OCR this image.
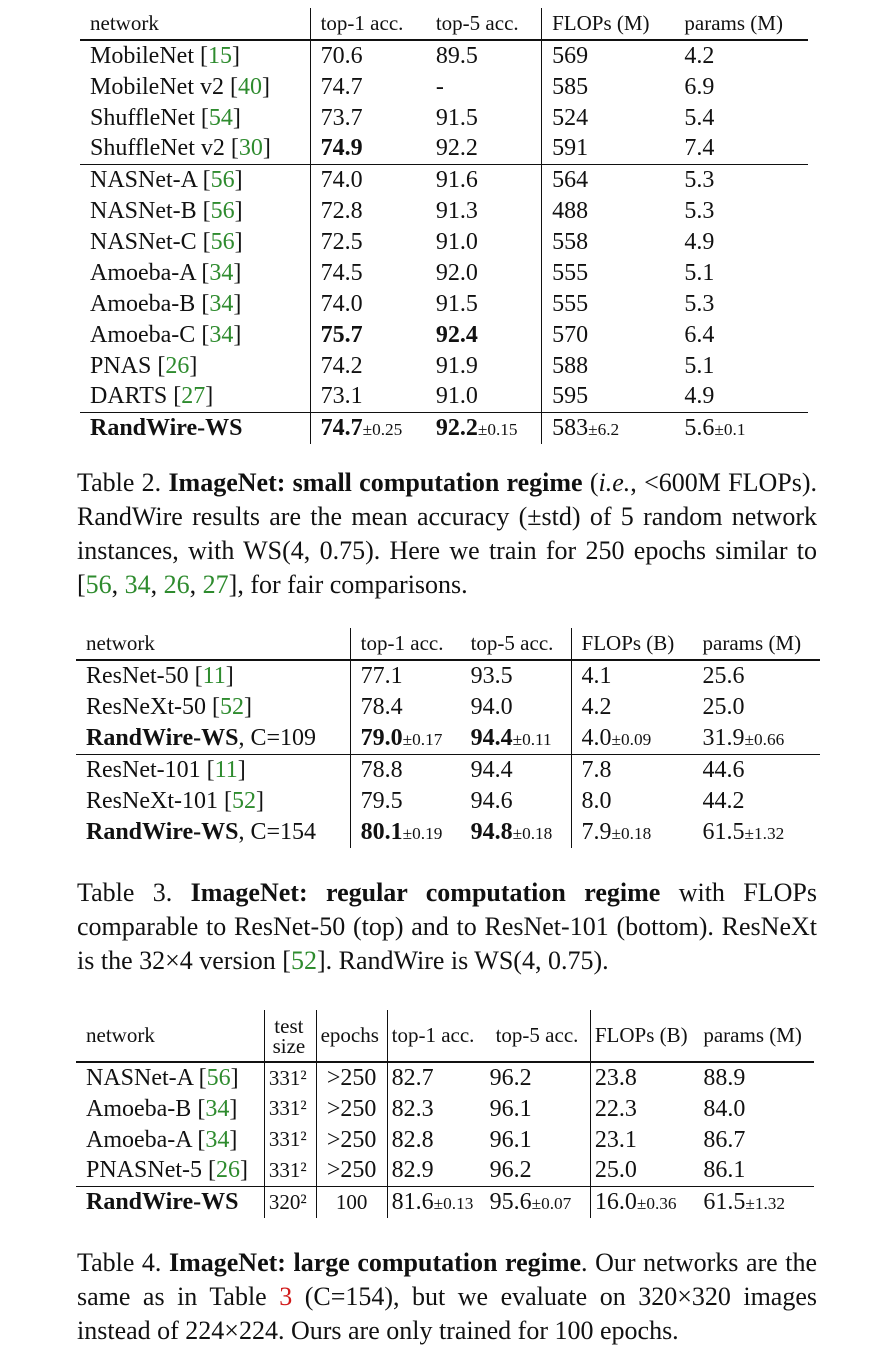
network	top-1 acc.	top-5 acc.	FLOPs (M)	params (M)
MobileNet [15]	70.6	89.5	569	4.2
MobileNet v2 [40]	74.7	-	585	6.9
ShuffleNet [54]	73.7	91.5	524	5.4
ShuffleNet v2 [30]	74.9	92.2	591	7.4
NASNet-A [56]	74.0	91.6	564	5.3
NASNet-B [56]	72.8	91.3	488	5.3
NASNet-C [56]	72.5	91.0	558	4.9
Amoeba-A [34]	74.5	92.0	555	5.1
Amoeba-B [34]	74.0	91.5	555	5.3
Amoeba-C [34]	75.7	92.4	570	6.4
PNAS [26]	74.2	91.9	588	5.1
DARTS [27]	73.1	91.0	595	4.9
RandWire-WS	74.7±0.25	92.2±0.15	583±6.2	5.6±0.1
Table 2. ImageNet: small computation regime (i.e., <600M FLOPs). RandWire results are the mean accuracy (±std) of 5 random network instances, with WS(4, 0.75). Here we train for 250 epochs similar to [56, 34, 26, 27], for fair comparisons.
network	top-1 acc.	top-5 acc.	FLOPs (B)	params (M)
ResNet-50 [11]	77.1	93.5	4.1	25.6
ResNeXt-50 [52]	78.4	94.0	4.2	25.0
RandWire-WS, C=109	79.0±0.17	94.4±0.11	4.0±0.09	31.9±0.66
ResNet-101 [11]	78.8	94.4	7.8	44.6
ResNeXt-101 [52]	79.5	94.6	8.0	44.2
RandWire-WS, C=154	80.1±0.19	94.8±0.18	7.9±0.18	61.5±1.32
Table 3. ImageNet: regular computation regime with FLOPs comparable to ResNet-50 (top) and to ResNet-101 (bottom). ResNeXt is the 32×4 version [52]. RandWire is WS(4, 0.75).
network	test size	epochs	top-1 acc.	top-5 acc.	FLOPs (B)	params (M)
NASNet-A [56]	331²	>250	82.7	96.2	23.8	88.9
Amoeba-B [34]	331²	>250	82.3	96.1	22.3	84.0
Amoeba-A [34]	331²	>250	82.8	96.1	23.1	86.7
PNASNet-5 [26]	331²	>250	82.9	96.2	25.0	86.1
RandWire-WS	320²	100	81.6±0.13	95.6±0.07	16.0±0.36	61.5±1.32
Table 4. ImageNet: large computation regime. Our networks are the same as in Table 3 (C=154), but we evaluate on 320×320 images instead of 224×224. Ours are only trained for 100 epochs.
